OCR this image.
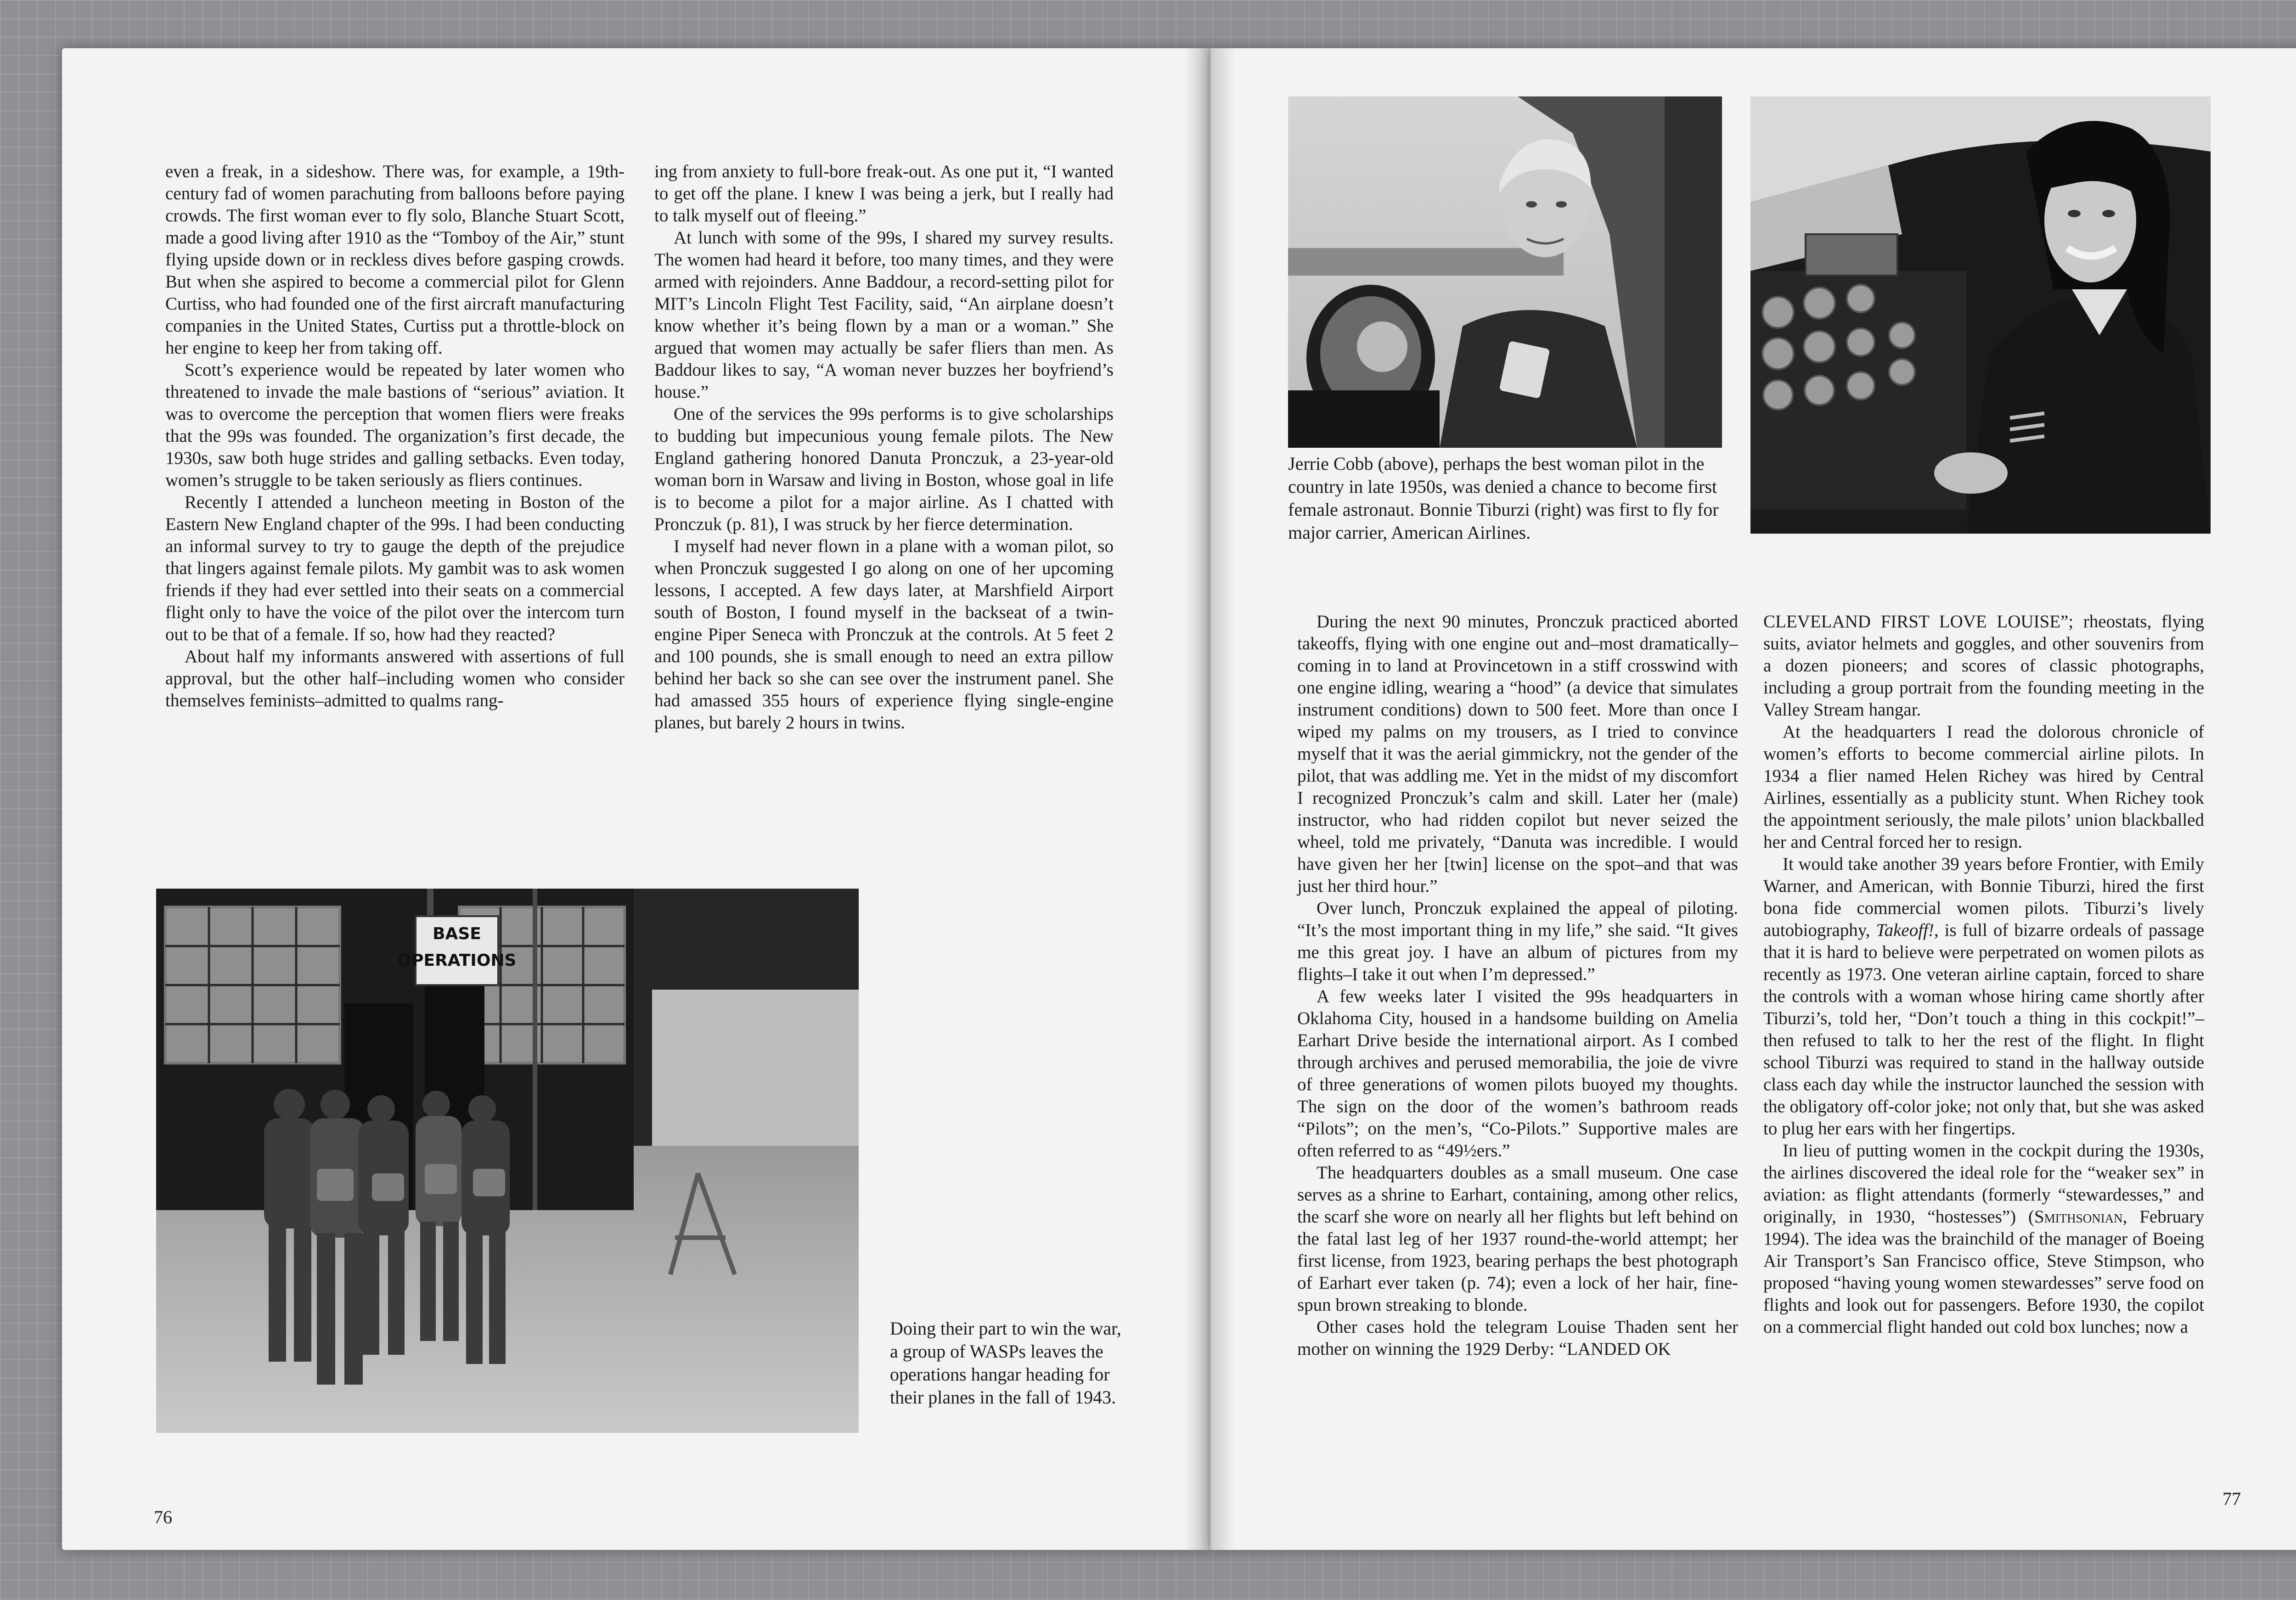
even a freak, in a sideshow. There was, for example, a 19th-century fad of women parachuting from balloons before paying crowds. The first woman ever to fly solo, Blanche Stuart Scott, made a good living after 1910 as the “Tomboy of the Air,” stunt flying upside down or in reckless dives before gasping crowds. But when she aspired to become a commercial pilot for Glenn Curtiss, who had founded one of the first aircraft manufacturing companies in the United States, Curtiss put a throttle-block on her engine to keep her from taking off.

Scott’s experience would be repeated by later women who threatened to invade the male bastions of “serious” aviation. It was to overcome the perception that women fliers were freaks that the 99s was founded. The organization’s first decade, the 1930s, saw both huge strides and galling setbacks. Even today, women’s struggle to be taken seriously as fliers continues.

Recently I attended a luncheon meeting in Boston of the Eastern New England chapter of the 99s. I had been conducting an informal survey to try to gauge the depth of the prejudice that lingers against female pilots. My gambit was to ask women friends if they had ever settled into their seats on a commercial flight only to have the voice of the pilot over the intercom turn out to be that of a female. If so, how had they reacted?

About half my informants answered with assertions of full approval, but the other half–including women who consider themselves feminists–admitted to qualms rang-

ing from anxiety to full-bore freak-out. As one put it, “I wanted to get off the plane. I knew I was being a jerk, but I really had to talk myself out of fleeing.”

At lunch with some of the 99s, I shared my survey results. The women had heard it before, too many times, and they were armed with rejoinders. Anne Baddour, a record-setting pilot for MIT’s Lincoln Flight Test Facility, said, “An airplane doesn’t know whether it’s being flown by a man or a woman.” She argued that women may actually be safer fliers than men. As Baddour likes to say, “A woman never buzzes her boyfriend’s house.”

One of the services the 99s performs is to give scholarships to budding but impecunious young female pilots. The New England gathering honored Danuta Pronczuk, a 23-year-old woman born in Warsaw and living in Boston, whose goal in life is to become a pilot for a major airline. As I chatted with Pronczuk (p. 81), I was struck by her fierce determination.

I myself had never flown in a plane with a woman pilot, so when Pronczuk suggested I go along on one of her upcoming lessons, I accepted. A few days later, at Marshfield Airport south of Boston, I found myself in the backseat of a twin-engine Piper Seneca with Pronczuk at the controls. At 5 feet 2 and 100 pounds, she is small enough to need an extra pillow behind her back so she can see over the instrument panel. She had amassed 355 hours of experience flying single-engine planes, but barely 2 hours in twins.

BASE
OPERATIONS
Doing their part to win the war, a group of WASPs leaves the operations hangar heading for their planes in the fall of 1943.
76
Jerrie Cobb (above), perhaps the best woman pilot in the country in late 1950s, was denied a chance to become first female astronaut. Bonnie Tiburzi (right) was first to fly for major carrier, American Airlines.

During the next 90 minutes, Pronczuk practiced aborted takeoffs, flying with one engine out and–most dramatically–coming in to land at Provincetown in a stiff crosswind with one engine idling, wearing a “hood” (a device that simulates instrument conditions) down to 500 feet. More than once I wiped my palms on my trousers, as I tried to convince myself that it was the aerial gimmickry, not the gender of the pilot, that was addling me. Yet in the midst of my discomfort I recognized Pronczuk’s calm and skill. Later her (male) instructor, who had ridden copilot but never seized the wheel, told me privately, “Danuta was incredible. I would have given her her [twin] license on the spot–and that was just her third hour.”

Over lunch, Pronczuk explained the appeal of piloting. “It’s the most important thing in my life,” she said. “It gives me this great joy. I have an album of pictures from my flights–I take it out when I’m depressed.”

A few weeks later I visited the 99s headquarters in Oklahoma City, housed in a handsome building on Amelia Earhart Drive beside the international airport. As I combed through archives and perused memorabilia, the joie de vivre of three generations of women pilots buoyed my thoughts. The sign on the door of the women’s bathroom reads “Pilots”; on the men’s, “Co-Pilots.” Supportive males are often referred to as “49½ers.”

The headquarters doubles as a small museum. One case serves as a shrine to Earhart, containing, among other relics, the scarf she wore on nearly all her flights but left behind on the fatal last leg of her 1937 round-the-world attempt; her first license, from 1923, bearing perhaps the best photograph of Earhart ever taken (p. 74); even a lock of her hair, fine-spun brown streaking to blonde.

Other cases hold the telegram Louise Thaden sent her mother on winning the 1929 Derby: “LANDED OK

CLEVELAND FIRST LOVE LOUISE”; rheostats, flying suits, aviator helmets and goggles, and other souvenirs from a dozen pioneers; and scores of classic photographs, including a group portrait from the founding meeting in the Valley Stream hangar.

At the headquarters I read the dolorous chronicle of women’s efforts to become commercial airline pilots. In 1934 a flier named Helen Richey was hired by Central Airlines, essentially as a publicity stunt. When Richey took the appointment seriously, the male pilots’ union blackballed her and Central forced her to resign.

It would take another 39 years before Frontier, with Emily Warner, and American, with Bonnie Tiburzi, hired the first bona fide commercial women pilots. Tiburzi’s lively autobiography, Takeoff!, is full of bizarre ordeals of passage that it is hard to believe were perpetrated on women pilots as recently as 1973. One veteran airline captain, forced to share the controls with a woman whose hiring came shortly after Tiburzi’s, told her, “Don’t touch a thing in this cockpit!”–then refused to talk to her the rest of the flight. In flight school Tiburzi was required to stand in the hallway outside class each day while the instructor launched the session with the obligatory off-color joke; not only that, but she was asked to plug her ears with her fingertips.

In lieu of putting women in the cockpit during the 1930s, the airlines discovered the ideal role for the “weaker sex” in aviation: as flight attendants (formerly “stewardesses,” and originally, in 1930, “hostesses”) (Smithsonian, February 1994). The idea was the brainchild of the manager of Boeing Air Transport’s San Francisco office, Steve Stimpson, who proposed “having young women stewardesses” serve food on flights and look out for passengers. Before 1930, the copilot on a commercial flight handed out cold box lunches; now a

77
